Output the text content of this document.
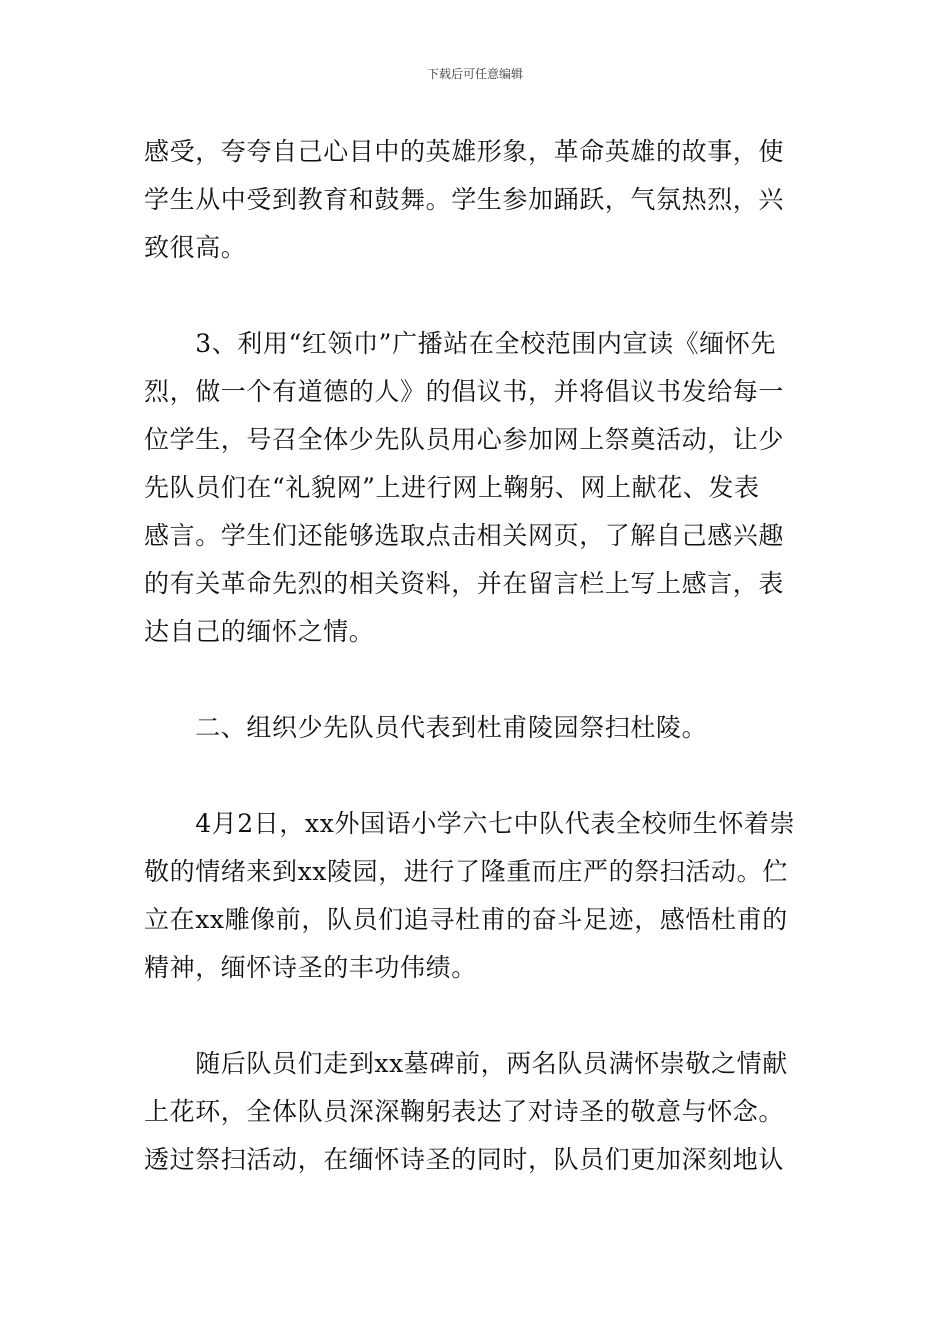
下载后可任意编辑

感受，夸夸自己心目中的英雄形象，革命英雄的故事，使
学生从中受到教育和鼓舞。学生参加踊跃，气氛热烈，兴
致很高。

　　3、利用“红领巾”广播站在全校范围内宣读《缅怀先
烈，做一个有道德的人》的倡议书，并将倡议书发给每一
位学生，号召全体少先队员用心参加网上祭奠活动，让少
先队员们在“礼貌网”上进行网上鞠躬、网上献花、发表
感言。学生们还能够选取点击相关网页，了解自己感兴趣
的有关革命先烈的相关资料，并在留言栏上写上感言，表
达自己的缅怀之情。

　　二、组织少先队员代表到杜甫陵园祭扫杜陵。

　　4月2日，xx外国语小学六七中队代表全校师生怀着崇
敬的情绪来到xx陵园，进行了隆重而庄严的祭扫活动。伫
立在xx雕像前，队员们追寻杜甫的奋斗足迹，感悟杜甫的
精神，缅怀诗圣的丰功伟绩。

　　随后队员们走到xx墓碑前，两名队员满怀崇敬之情献
上花环，全体队员深深鞠躬表达了对诗圣的敬意与怀念。
透过祭扫活动，在缅怀诗圣的同时，队员们更加深刻地认
